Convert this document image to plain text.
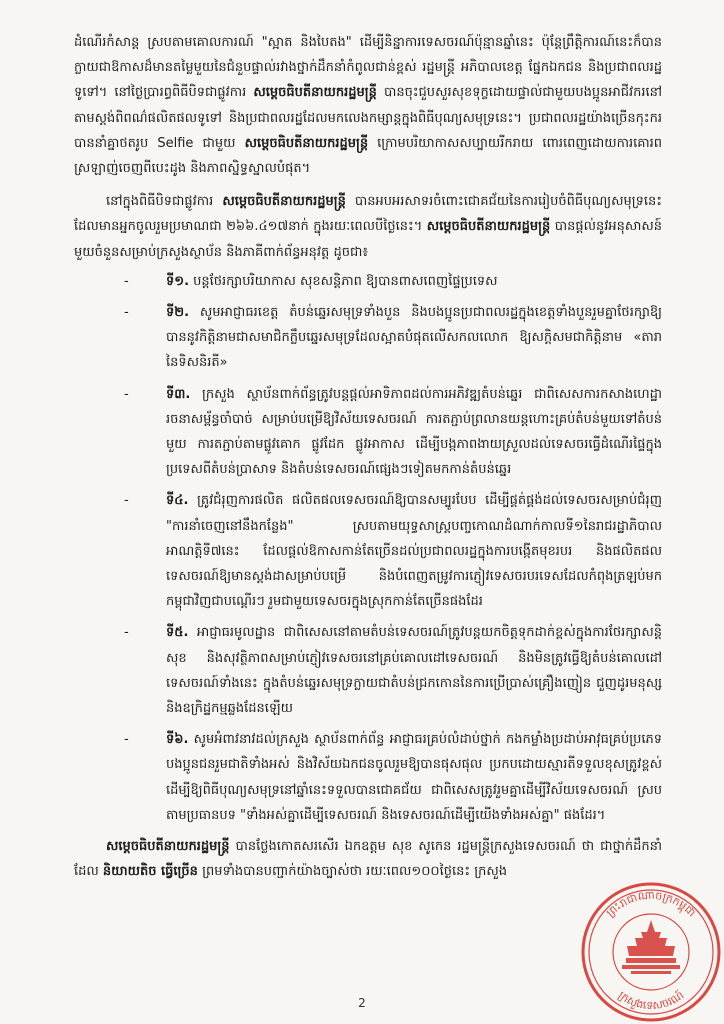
ដំណើរកំសាន្ត ស្របតាមគោលការណ៍ "ស្អាត និងបៃតង" ដើម្បីនិន្នាការទេសចរណ៍ប៉ុន្មានឆ្នាំនេះ ប៉ុន្តែព្រឹត្តិការណ៍នេះក៏បានក្លាយជាឱកាសដ៏មានតម្លៃមួយនៃជំនួបផ្ទាល់រវាងថ្នាក់ដឹកនាំកំពូលជាន់ខ្ពស់ រដ្ឋមន្ត្រី អភិបាលខេត្ត ផ្នែកឯកជន និងប្រជាពលរដ្ឋទូទៅ។ នៅថ្ងៃប្រារព្ធពិធីបិទជាផ្លូវការ សម្តេចធិបតីនាយករដ្ឋមន្ត្រី បានចុះជួបសួរសុខទុក្ខដោយផ្ទាល់ជាមួយបងប្អូនអាជីវករនៅតាមស្តង់ពិពណ៌ផលិតផលទូទៅ និងប្រជាពលរដ្ឋដែលមកលេងកម្សាន្តក្នុងពិធីបុណ្យសមុទ្រនេះ។ ប្រជាពលរដ្ឋយ៉ាងច្រើនកុះករបាននាំគ្នាថតរូប Selfie ជាមួយ សម្តេចធិបតីនាយករដ្ឋមន្ត្រី ក្រោមបរិយាកាសសប្បាយរីករាយ ពោរពេញដោយការគោរពស្រឡាញ់ចេញពីបេះដូង និងភាពស្និទ្ធស្នាលបំផុត។

នៅក្នុងពិធីបិទជាផ្លូវការ សម្តេចធិបតីនាយករដ្ឋមន្ត្រី បានអបអរសាទរចំពោះជោគជ័យនៃការរៀបចំពិធីបុណ្យសមុទ្រនេះ ដែលមានអ្នកចូលរួមប្រមាណជា ២៦៦.៤១៧នាក់ ក្នុងរយៈពេលបីថ្ងៃនេះ។ សម្តេចធិបតីនាយករដ្ឋមន្ត្រី បានផ្តល់នូវអនុសាសន៍មួយចំនួនសម្រាប់ក្រសួងស្ថាប័ន និងភាគីពាក់ព័ន្ធអនុវត្ត ដូចជា៖

-	ទី១. បន្តថែរក្សាបរិយាកាស សុខសន្តិភាព ឱ្យបានពាសពេញផ្ទៃប្រទេស
-	ទី២. សូមអាជ្ញាធរខេត្ត តំបន់ឆ្នេរសមុទ្រទាំងបួន និងបងប្អូនប្រជាពលរដ្ឋក្នុងខេត្តទាំងបួនរួមគ្នាថែរក្សាឱ្យបាននូវកិត្តិនាមជាសមាជិកក្លឹបឆ្នេរសមុទ្រដែលស្អាតបំផុតលើសកលលោក ឱ្យសក្តិសមជាកិត្តិនាម «តារានៃទិសនិរតី»
-	ទី៣. ក្រសួង ស្ថាប័នពាក់ព័ន្ធត្រូវបន្តផ្តល់អាទិភាពដល់ការអភិវឌ្ឍតំបន់ឆ្នេរ ជាពិសេសការកសាងហេដ្ឋារចនាសម្ព័ន្ធចាំបាច់ សម្រាប់បម្រើឱ្យវិស័យទេសចរណ៍ ការតភ្ជាប់ព្រលានយន្តហោះគ្រប់តំបន់មួយទៅតំបន់មួយ ការតភ្ជាប់តាមផ្លូវគោក ផ្លូវដែក ផ្លូវអាកាស ដើម្បីបង្កភាពងាយស្រួលដល់ទេសចរធ្វើដំណើរផ្ទៃក្នុងប្រទេសពីតំបន់ប្រាសាទ និងតំបន់ទេសចរណ៍ផ្សេងៗទៀតមកកាន់តំបន់ឆ្នេរ
-	ទី៤. ត្រូវជំរុញការផលិត ផលិតផលទេសចរណ៍ឱ្យបានសម្បូរបែប ដើម្បីផ្គត់ផ្គង់ដល់ទេសចរសម្រាប់ជំរុញ "ការនាំចេញនៅនឹងកន្លែង" ស្របតាមយុទ្ធសាស្ត្របញ្ចកោណដំណាក់កាលទី១នៃរាជរដ្ឋាភិបាលអាណត្តិទី៧នេះ ដែលផ្តល់ឱកាសកាន់តែច្រើនដល់ប្រជាពលរដ្ឋក្នុងការបង្កើតមុខរបរ និងផលិតផលទេសចរណ៍ឱ្យមានស្តង់ដាសម្រាប់បម្រើ និងបំពេញតម្រូវការភ្ញៀវទេសចរបរទេសដែលកំពុងត្រឡប់មកកម្ពុជាវិញជាបណ្តើរៗ រួមជាមួយទេសចរក្នុងស្រុកកាន់តែច្រើនផងដែរ
-	ទី៥. អាជ្ញាធរមូលដ្ឋាន ជាពិសេសនៅតាមតំបន់ទេសចរណ៍ត្រូវបន្តយកចិត្តទុកដាក់ខ្ពស់ក្នុងការថែរក្សាសន្តិសុខ និងសុវត្ថិភាពសម្រាប់ភ្ញៀវទេសចរនៅគ្រប់គោលដៅទេសចរណ៍ និងមិនត្រូវធ្វើឱ្យតំបន់គោលដៅទេសចរណ៍ទាំងនេះ ក្នុងតំបន់ឆ្នេរសមុទ្រក្លាយជាតំបន់ជ្រកកោននៃការប្រើប្រាស់គ្រឿងញៀន ជួញដូរមនុស្ស និងឧក្រិដ្ឋកម្មឆ្លងដែនឡើយ
-	ទី៦. សូមអំពាវនាវដល់ក្រសួង ស្ថាប័នពាក់ព័ន្ធ អាជ្ញាធរគ្រប់លំដាប់ថ្នាក់ កងកម្លាំងប្រដាប់អាវុធគ្រប់ប្រភេទ បងប្អូនជនរួមជាតិទាំងអស់ និងវិស័យឯកជនចូលរួមឱ្យបានផុសផុល ប្រកបដោយស្មារតីទទួលខុសត្រូវខ្ពស់ ដើម្បីឱ្យពិធីបុណ្យសមុទ្រនៅឆ្នាំនេះទទួលបានជោគជ័យ ជាពិសេសត្រូវរួមគ្នាដើម្បីវិស័យទេសចរណ៍ ស្របតាមប្រធានបទ "ទាំងអស់គ្នាដើម្បីទេសចរណ៍ និងទេសចរណ៍ដើម្បីយើងទាំងអស់គ្នា" ផងដែរ។

សម្តេចធិបតីនាយករដ្ឋមន្ត្រី បានថ្លែងកោតសរសើរ ឯកឧត្តម សុខ សូកេន រដ្ឋមន្ត្រីក្រសួងទេសចរណ៍ ថា ជាថ្នាក់ដឹកនាំដែល និយាយតិច ធ្វើច្រើន ព្រមទាំងបានបញ្ជាក់យ៉ាងច្បាស់ថា រយៈពេល១០០ថ្ងៃនេះ ក្រសួង

2
ព្រះរាជាណាចក្រកម្ពុជា
ក្រសួងទេសចរណ៍
